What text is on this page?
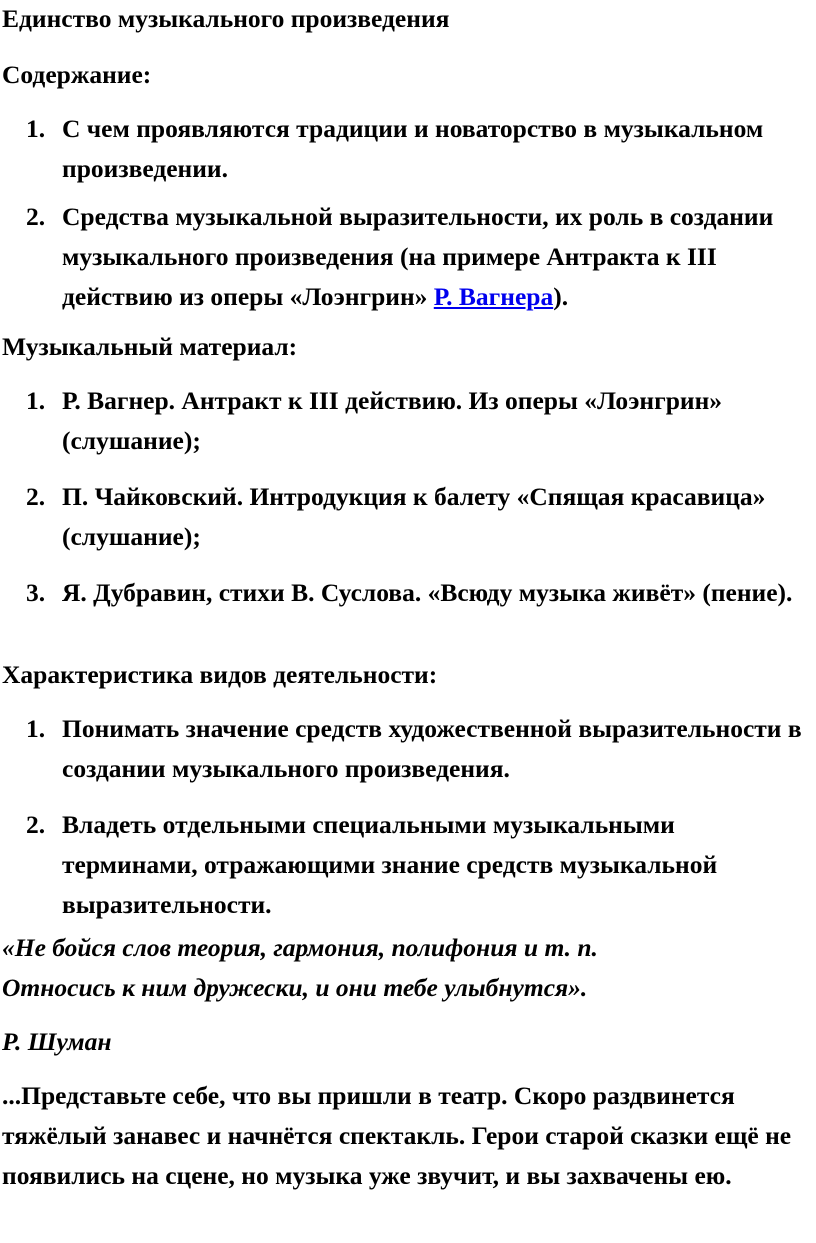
Единство музыкального произведения
Содержание:
1. С чем проявляются традиции и новаторство в музыкальном произведении.
2. Средства музыкальной выразительности, их роль в создании музыкального произведения (на примере Антракта к III действию из оперы «Лоэнгрин» Р. Вагнера).
Музыкальный материал:
1. Р. Вагнер. Антракт к III действию. Из оперы «Лоэнгрин» (слушание);
2. П. Чайковский. Интродукция к балету «Спящая красавица» (слушание);
3. Я. Дубравин, стихи В. Суслова. «Всюду музыка живёт» (пение).
Характеристика видов деятельности:
1. Понимать значение средств художественной выразительности в создании музыкального произведения.
2. Владеть отдельными специальными музыкальными терминами, отражающими знание средств музыкальной выразительности.
«Не бойся слов теория, гармония, полифония и т. п.
Относись к ним дружески, и они тебе улыбнутся».
Р. Шуман
...Представьте себе, что вы пришли в театр. Скоро раздвинется тяжёлый занавес и начнётся спектакль. Герои старой сказки ещё не появились на сцене, но музыка уже звучит, и вы захвачены ею.
